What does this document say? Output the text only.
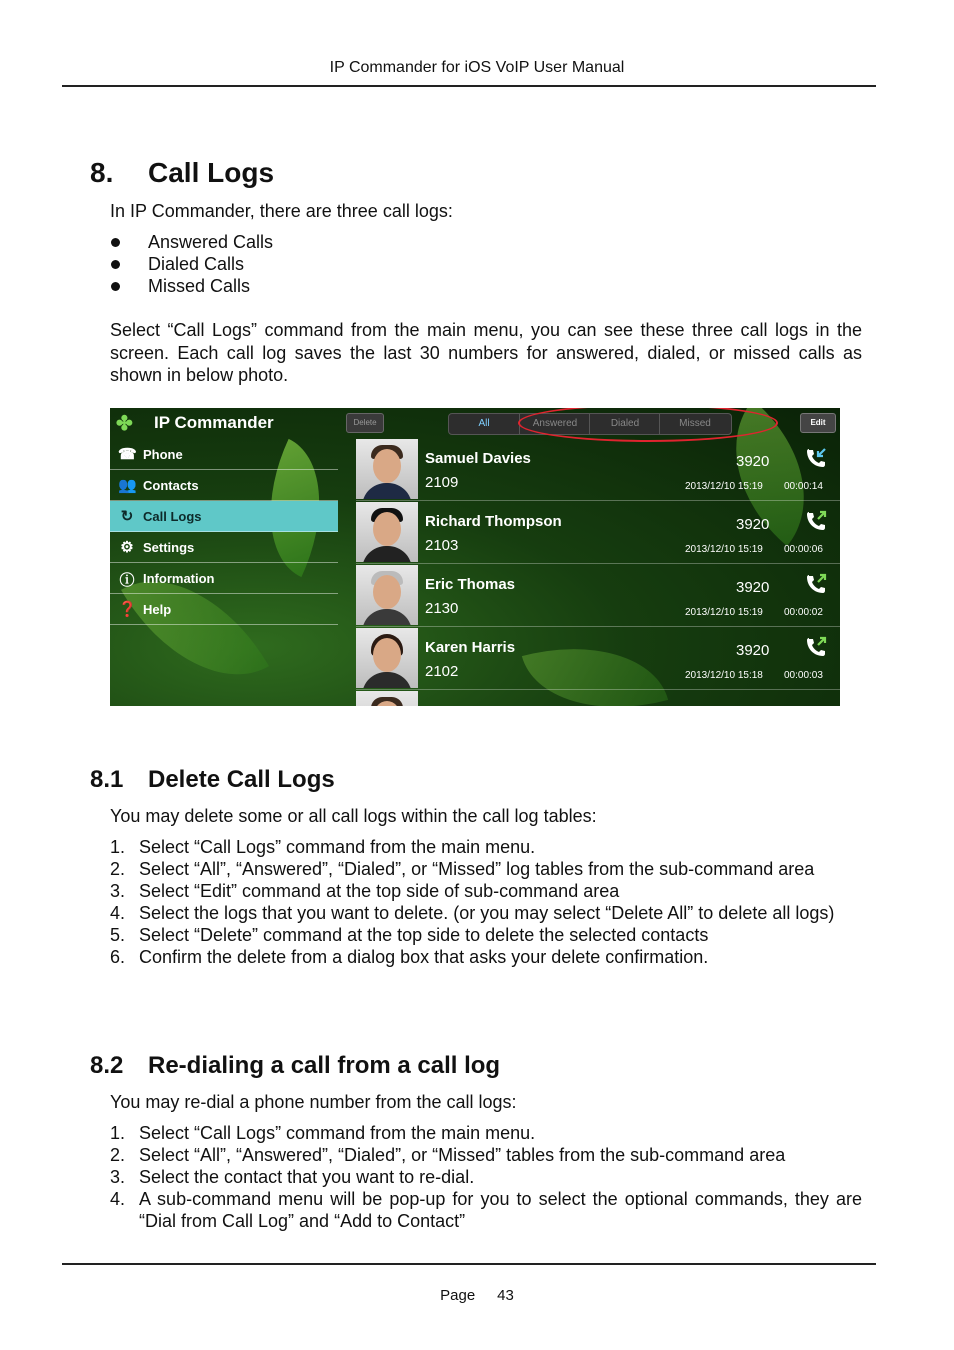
IP Commander for iOS VoIP User Manual
8. Call Logs
In IP Commander, there are three call logs:
Answered Calls
Dialed Calls
Missed Calls
Select “Call Logs” command from the main menu, you can see these three call logs in the screen. Each call log saves the last 30 numbers for answered, dialed, or missed calls as shown in below photo.
✤ IP Commander
☎ Phone
👥 Contacts
↻ Call Logs
⚙ Settings
ⓘ Information
❓ Help
Delete	All	Answered	Dialed	Missed	Edit
Samuel Davies
2109
3920
2013/12/10 15:19 00:00:14
Richard Thompson
2103
3920
2013/12/10 15:19 00:00:06
Eric Thomas
2130
3920
2013/12/10 15:19 00:00:02
Karen Harris
2102
3920
2013/12/10 15:18 00:00:03
8.1 Delete Call Logs
You may delete some or all call logs within the call log tables:
1. Select “Call Logs” command from the main menu.
2. Select “All”, “Answered”, “Dialed”, or “Missed” log tables from the sub-command area
3. Select “Edit” command at the top side of sub-command area
4. Select the logs that you want to delete. (or you may select “Delete All” to delete all logs)
5. Select “Delete” command at the top side to delete the selected contacts
6. Confirm the delete from a dialog box that asks your delete confirmation.
8.2 Re-dialing a call from a call log
You may re-dial a phone number from the call logs:
1. Select “Call Logs” command from the main menu.
2. Select “All”, “Answered”, “Dialed”, or “Missed” tables from the sub-command area
3. Select the contact that you want to re-dial.
4. A sub-command menu will be pop-up for you to select the optional commands, they are “Dial from Call Log” and “Add to Contact”
Page 43
